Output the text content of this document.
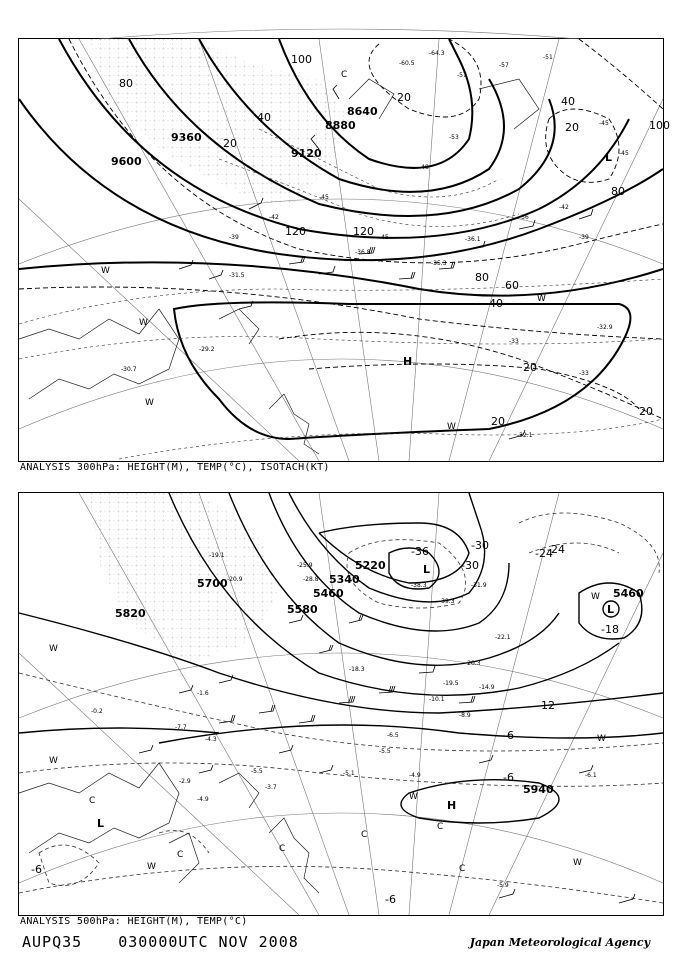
9600
9360
9120
8880
8640
80
100
120
40
20
60
80
40
20
20
40
20
80
100
120
20
20
-31.5
-30.7
-29.2
-32.1
-32.9
-33
-33
-35.3
-36.8
-36.1
-64.3
-60.5
-57
-45
-57
-53
-48
-45
-42
-39
-36
-51
-45
-45
-42
-39
H
L
W
W
W
W
W
C
ANALYSIS 300hPa: HEIGHT(M), TEMP(°C), ISOTACH(KT)
5820
5700
5580
5460
5340
5220
5460
5940
-36	-30	-24
-18
-12
-6
-6
-6
-6
-30
-24
-38.3
-39.3
-31.9
-22.1
-20.3
-19.5
-14.9
-10.1
-8.9
-5.5
-4.9
-5.1	-6.1
-7.7
-6.5
-5.9
-3.7
-5.5
-2.9
-4.9
-0.2
-1.6
-4.3
-19.1
-20.9
-25.9
-28.8
-18.3
L
H
L
L
W
W
W
W
W
W
W
C
C
C
C
C
C
ANALYSIS 500hPa: HEIGHT(M), TEMP(°C)
AUPQ35 030000UTC NOV 2008	Japan Meteorological Agency
